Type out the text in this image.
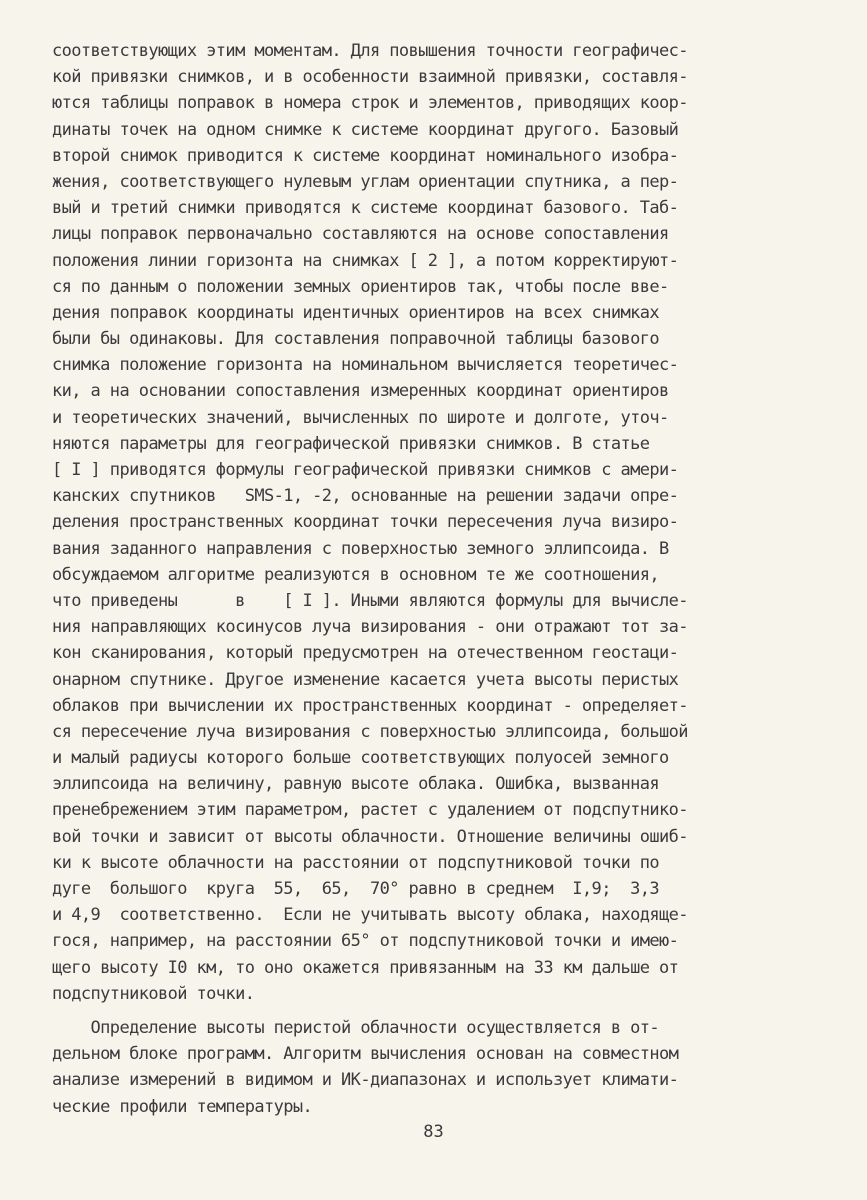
соответствующих этим моментам. Для повышения точности географичес-
кой привязки снимков, и в особенности взаимной привязки, составля-
ются таблицы поправок в номера строк и элементов, приводящих коор-
динаты точек на одном снимке к системе координат другого. Базовый
второй снимок приводится к системе координат номинального изобра-
жения, соответствующего нулевым углам ориентации спутника, а пер-
вый и третий снимки приводятся к системе координат базового. Таб-
лицы поправок первоначально составляются на основе сопоставления
положения линии горизонта на снимках [ 2 ], а потом корректируют-
ся по данным о положении земных ориентиров так, чтобы после вве-
дения поправок координаты идентичных ориентиров на всех снимках
были бы одинаковы. Для составления поправочной таблицы базового
снимка положение горизонта на номинальном вычисляется теоретичес-
ки, а на основании сопоставления измеренных координат ориентиров
и теоретических значений, вычисленных по широте и долготе, уточ-
няются параметры для географической привязки снимков. В статье
[ I ] приводятся формулы географической привязки снимков с амери-
канских спутников   SMS-1, -2, основанные на решении задачи опре-
деления пространственных координат точки пересечения луча визиро-
вания заданного направления с поверхностью земного эллипсоида. В
обсуждаемом алгоритме реализуются в основном те же соотношения,
что приведены      в    [ I ]. Иными являются формулы для вычисле-
ния направляющих косинусов луча визирования - они отражают тот за-
кон сканирования, который предусмотрен на отечественном геостаци-
онарном спутнике. Другое изменение касается учета высоты перистых
облаков при вычислении их пространственных координат - определяет-
ся пересечение луча визирования с поверхностью эллипсоида, большой
и малый радиусы которого больше соответствующих полуосей земного
эллипсоида на величину, равную высоте облака. Ошибка, вызванная
пренебрежением этим параметром, растет с удалением от подспутнико-
вой точки и зависит от высоты облачности. Отношение величины ошиб-
ки к высоте облачности на расстоянии от подспутниковой точки по
дуге  большого  круга  55,  65,  70° равно в среднем  I,9;  3,3
и 4,9  соответственно.  Если не учитывать высоту облака, находяще-
гося, например, на расстоянии 65° от подспутниковой точки и имею-
щего высоту I0 км, то оно окажется привязанным на 33 км дальше от
подспутниковой точки.
Определение высоты перистой облачности осуществляется в от-
дельном блоке программ. Алгоритм вычисления основан на совместном
анализе измерений в видимом и ИК-диапазонах и использует климати-
ческие профили температуры.
83
